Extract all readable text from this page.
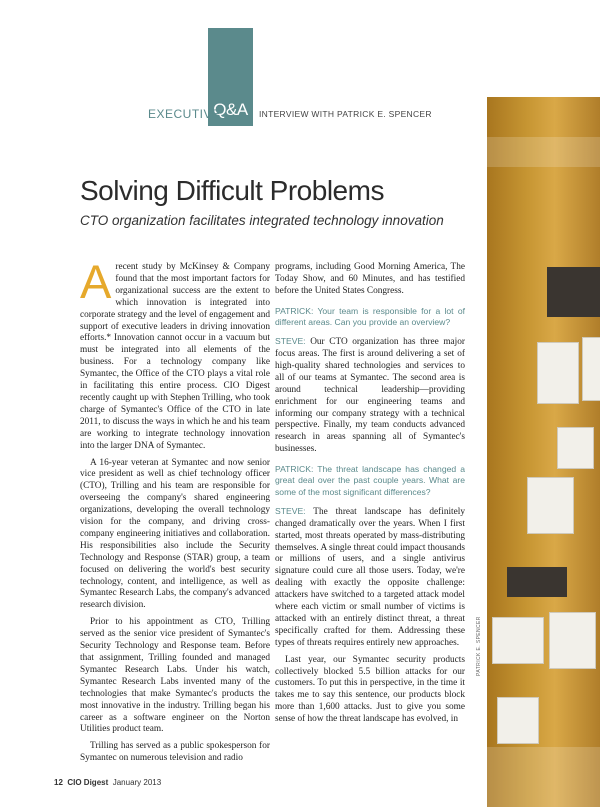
Q&A
EXECUTIVE	INTERVIEW WITH PATRICK E. SPENCER
Solving Difficult Problems
CTO organization facilitates integrated technology innovation

Arecent study by McKinsey & Company found that the most important factors for organizational success are the extent to which innovation is integrated into corporate strategy and the level of engagement and support of executive leaders in driving innovation efforts.* Innovation cannot occur in a vacuum but must be integrated into all elements of the business. For a technology company like Symantec, the Office of the CTO plays a vital role in facilitating this entire process. CIO Digest recently caught up with Stephen Trilling, who took charge of Symantec's Office of the CTO in late 2011, to discuss the ways in which he and his team are working to integrate technology innovation into the larger DNA of Symantec.

A 16-year veteran at Symantec and now senior vice president as well as chief technology officer (CTO), Trilling and his team are responsible for overseeing the company's shared engineering organizations, developing the overall technology vision for the company, and driving cross-company engineering initiatives and collaboration. His responsibilities also include the Security Technology and Response (STAR) group, a team focused on delivering the world's best security technology, content, and intelligence, as well as Symantec Research Labs, the company's advanced research division.

Prior to his appointment as CTO, Trilling served as the senior vice president of Symantec's Security Technology and Response team. Before that assignment, Trilling founded and managed Symantec Research Labs. Under his watch, Symantec Research Labs invented many of the technologies that make Symantec's products the most innovative in the industry. Trilling began his career as a software engineer on the Norton Utilities product team.

Trilling has served as a public spokesperson for Symantec on numerous television and radio

programs, including Good Morning America, The Today Show, and 60 Minutes, and has testified before the United States Congress.

PATRICK: Your team is responsible for a lot of different areas. Can you provide an overview?

STEVE: Our CTO organization has three major focus areas. The first is around delivering a set of high-quality shared technologies and services to all of our teams at Symantec. The second area is around technical leadership—providing enrichment for our engineering teams and informing our company strategy with a technical perspective. Finally, my team conducts advanced research in areas spanning all of Symantec's businesses.

PATRICK: The threat landscape has changed a great deal over the past couple years. What are some of the most significant differences?

STEVE: The threat landscape has definitely changed dramatically over the years. When I first started, most threats operated by mass-distributing themselves. A single threat could impact thousands or millions of users, and a single antivirus signature could cure all those users. Today, we're dealing with exactly the opposite challenge: attackers have switched to a targeted attack model where each victim or small number of victims is attacked with an entirely distinct threat, a threat specifically crafted for them. Addressing these types of threats requires entirely new approaches.

Last year, our Symantec security products collectively blocked 5.5 billion attacks for our customers. To put this in perspective, in the time it takes me to say this sentence, our products block more than 1,600 attacks. Just to give you some sense of how the threat landscape has evolved, in

PATRICK E. SPENCER
12 CIO Digest January 2013
